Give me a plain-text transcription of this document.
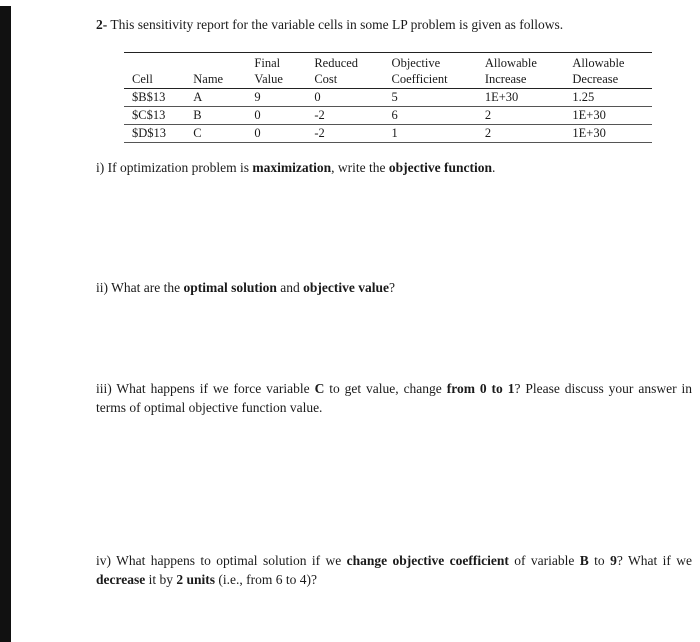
2- This sensitivity report for the variable cells in some LP problem is given as follows.
		Final	Reduced	Objective	Allowable	Allowable
Cell	Name	Value	Cost	Coefficient	Increase	Decrease
$B$13	A	9	0	5	1E+30	1.25
$C$13	B	0	-2	6	2	1E+30
$D$13	C	0	-2	1	2	1E+30
i) If optimization problem is maximization, write the objective function.
ii) What are the optimal solution and objective value?
iii) What happens if we force variable C to get value, change from 0 to 1? Please discuss your answer in terms of optimal objective function value.
iv) What happens to optimal solution if we change objective coefficient of variable B to 9? What if we decrease it by 2 units (i.e., from 6 to 4)?
